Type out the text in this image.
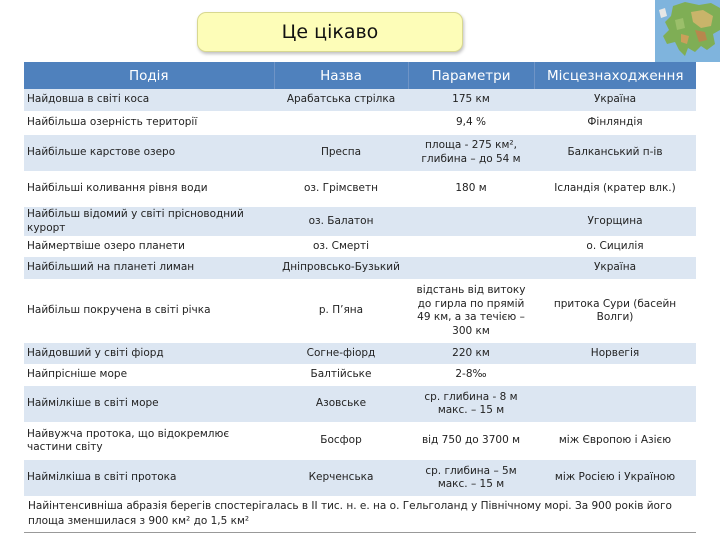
Це цікаво
Подія	Назва	Параметри	Місцезнаходження
Найдовша в світі коса	Арабатська стрілка	175 км	Україна
Найбільша озерність території		9,4 %	Фінляндія
Найбільше карстове озеро	Преспа	площа - 275 км², глибина – до 54 м	Балканський п-ів
Найбільші коливання рівня води	оз. Грімсветн	180 м	Ісландія (кратер влк.)
Найбільш відомий у світі прісноводний курорт	оз. Балатон		Угорщина
Наймертвіше озеро планети	оз. Смерті		о. Сицилія
Найбільший на планеті лиман	Дніпровсько-Бузький		Україна
Найбільш покручена в світі річка	р. П’яна	відстань від витоку до гирла по прямій 49 км, а за течією – 300 км	притока Сури (басейн Волги)
Найдовший у світі фіорд	Согне-фіорд	220 км	Норвегія
Найпрісніше море	Балтійське	2-8‰	
Наймілкіше в світі море	Азовське	ср. глибина - 8 м макс. – 15 м	
Найвужча протока, що відокремлює частини світу	Босфор	від 750 до 3700 м	між Європою і Азією
Наймілкіша в світі протока	Керченська	ср. глибина – 5м макс. – 15 м	між Росією і Україною
Найінтенсивніша абразія берегів спостерігалась в ІІ тис. н. е. на о. Гельголанд у Північному морі. За 900 років його площа зменшилася з 900 км² до 1,5 км²			
